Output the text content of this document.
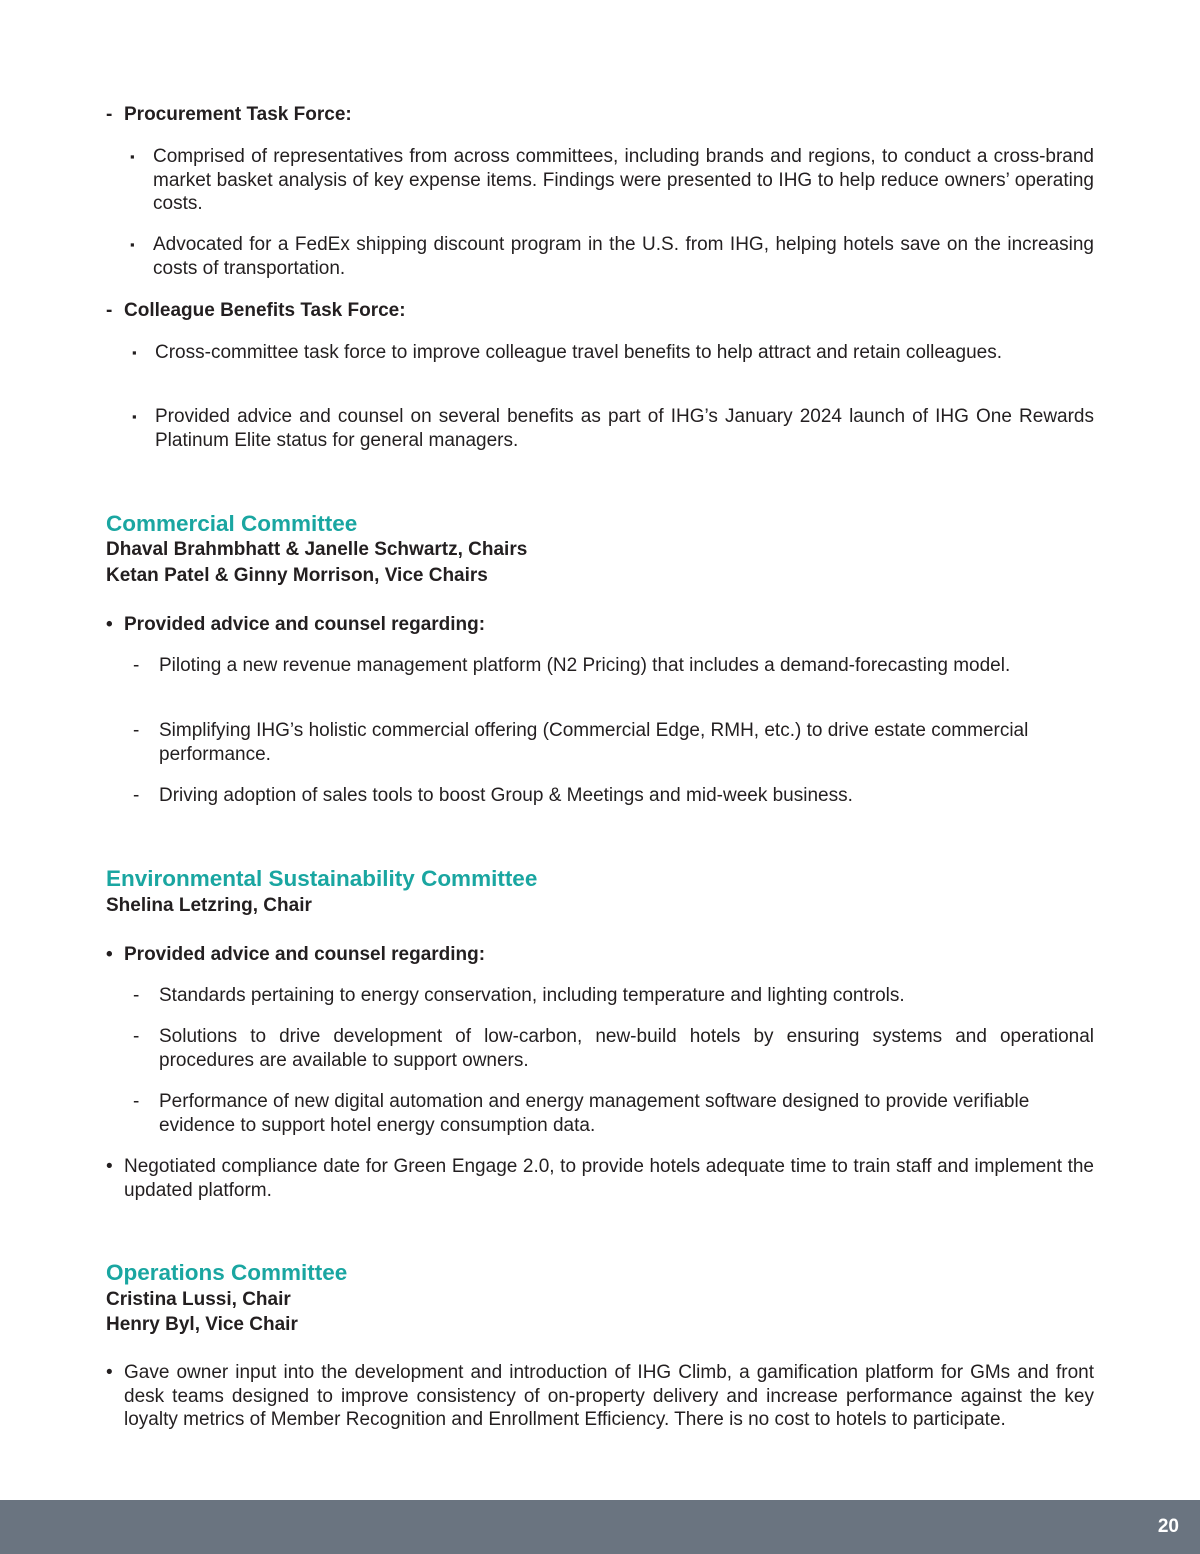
- Procurement Task Force:
▪ Comprised of representatives from across committees, including brands and regions, to conduct a cross-brand market basket analysis of key expense items. Findings were presented to IHG to help reduce owners’ operating costs.
▪ Advocated for a FedEx shipping discount program in the U.S. from IHG, helping hotels save on the increasing costs of transportation.
- Colleague Benefits Task Force:
▪ Cross-committee task force to improve colleague travel benefits to help attract and retain colleagues.
▪ Provided advice and counsel on several benefits as part of IHG’s January 2024 launch of IHG One Rewards Platinum Elite status for general managers.
Commercial Committee
Dhaval Brahmbhatt & Janelle Schwartz, Chairs
Ketan Patel & Ginny Morrison, Vice Chairs
• Provided advice and counsel regarding:
-	Piloting a new revenue management platform (N2 Pricing) that includes a demand-forecasting model.
-	Simplifying IHG’s holistic commercial offering (Commercial Edge, RMH, etc.) to drive estate commercial performance.
-	Driving adoption of sales tools to boost Group & Meetings and mid-week business.
Environmental Sustainability Committee
Shelina Letzring, Chair
• Provided advice and counsel regarding:
-	Standards pertaining to energy conservation, including temperature and lighting controls.
-	Solutions to drive development of low-carbon, new-build hotels by ensuring systems and operational procedures are available to support owners.
-	Performance of new digital automation and energy management software designed to provide verifiable evidence to support hotel energy consumption data.
• Negotiated compliance date for Green Engage 2.0, to provide hotels adequate time to train staff and implement the updated platform.
Operations Committee
Cristina Lussi, Chair
Henry Byl, Vice Chair
• Gave owner input into the development and introduction of IHG Climb, a gamification platform for GMs and front desk teams designed to improve consistency of on-property delivery and increase performance against the key loyalty metrics of Member Recognition and Enrollment Efficiency. There is no cost to hotels to participate.
20
